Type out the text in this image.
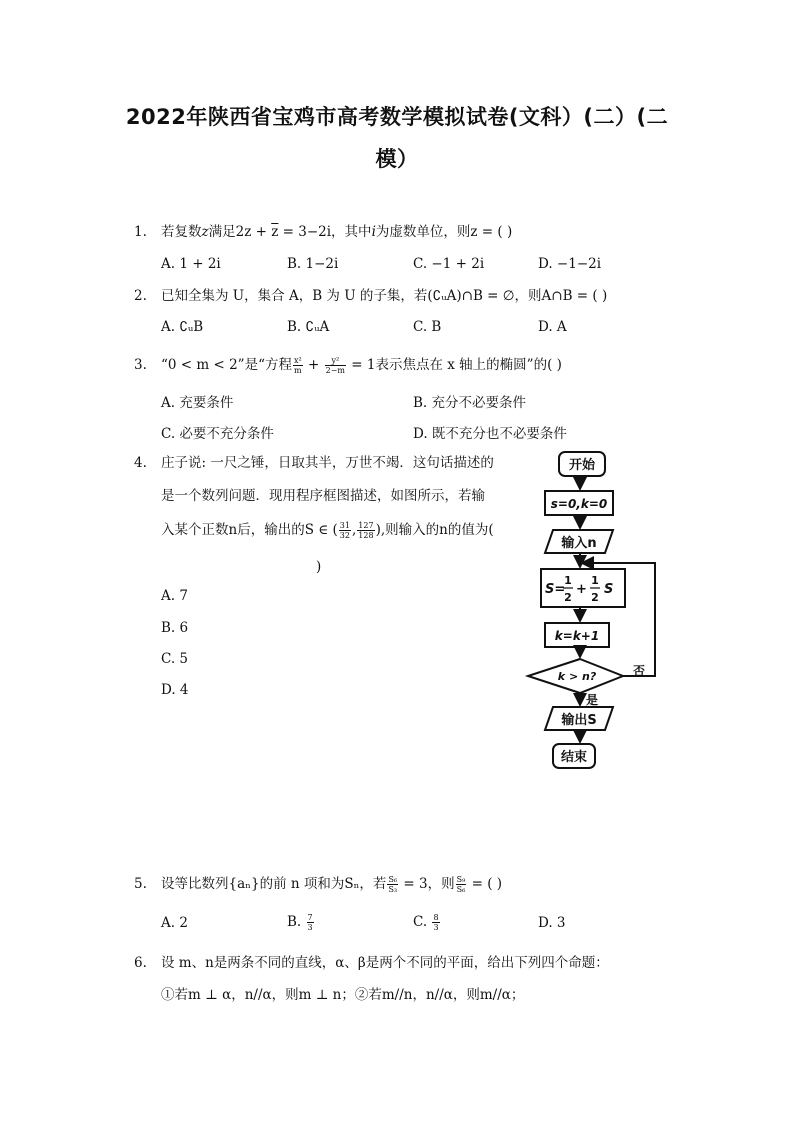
2022年陕西省宝鸡市高考数学模拟试卷(文科）(二）(二
模）
1. 若复数z满足$2z + \overline{z} = 3-2i$，其中i为虚数单位，则z = ( )
A. 1 + 2i	B. 1−2i	C. −1 + 2i	D. −1−2i
2. 已知全集为 U，集合 A，B 为 U 的子集，若(∁ᵤA)∩B = ∅，则A∩B = ( )
A. ∁ᵤB	B. ∁ᵤA	C. B	D. A
3. “0 < m < 2”是“方程 $\frac{\text{x²}}{m} + \frac{\text{y²}}{2-m} = 1$表示焦点在 x 轴上的椭圆”的( )
A. 充要条件	B. 充分不必要条件
C. 必要不充分条件	D. 既不充分也不必要条件
4. 庄子说: 一尺之锤，日取其半，万世不竭．这句话描述的
是一个数列问题．现用程序框图描述，如图所示，若输
入某个正数n后，输出的S ∈ ( $\frac{31}{32}$ , $\frac{127}{128}$ ),则输入的n的值为(
)
A. 7
B. 6
C. 5
D. 4
开始
s=0,k=0
输入n
S=
1
2
+
1
2
S
k=k+1
k > n?	否
是
输出S
结束
5. 设等比数列{aₙ}的前 n 项和为Sₙ，若 $\frac{\text{S₆}}{\text{S₃}} = 3$，则 $\frac{\text{S₉}}{\text{S₆}}$ = ( )
A. 2	B. $\frac{7}{3}$	C. $\frac{8}{3}$	D. 3
6. 设 m、n是两条不同的直线，α、β是两个不同的平面，给出下列四个命题：
①若m ⊥ α，n//α，则m ⊥ n；②若m//n，n//α，则m//α；
